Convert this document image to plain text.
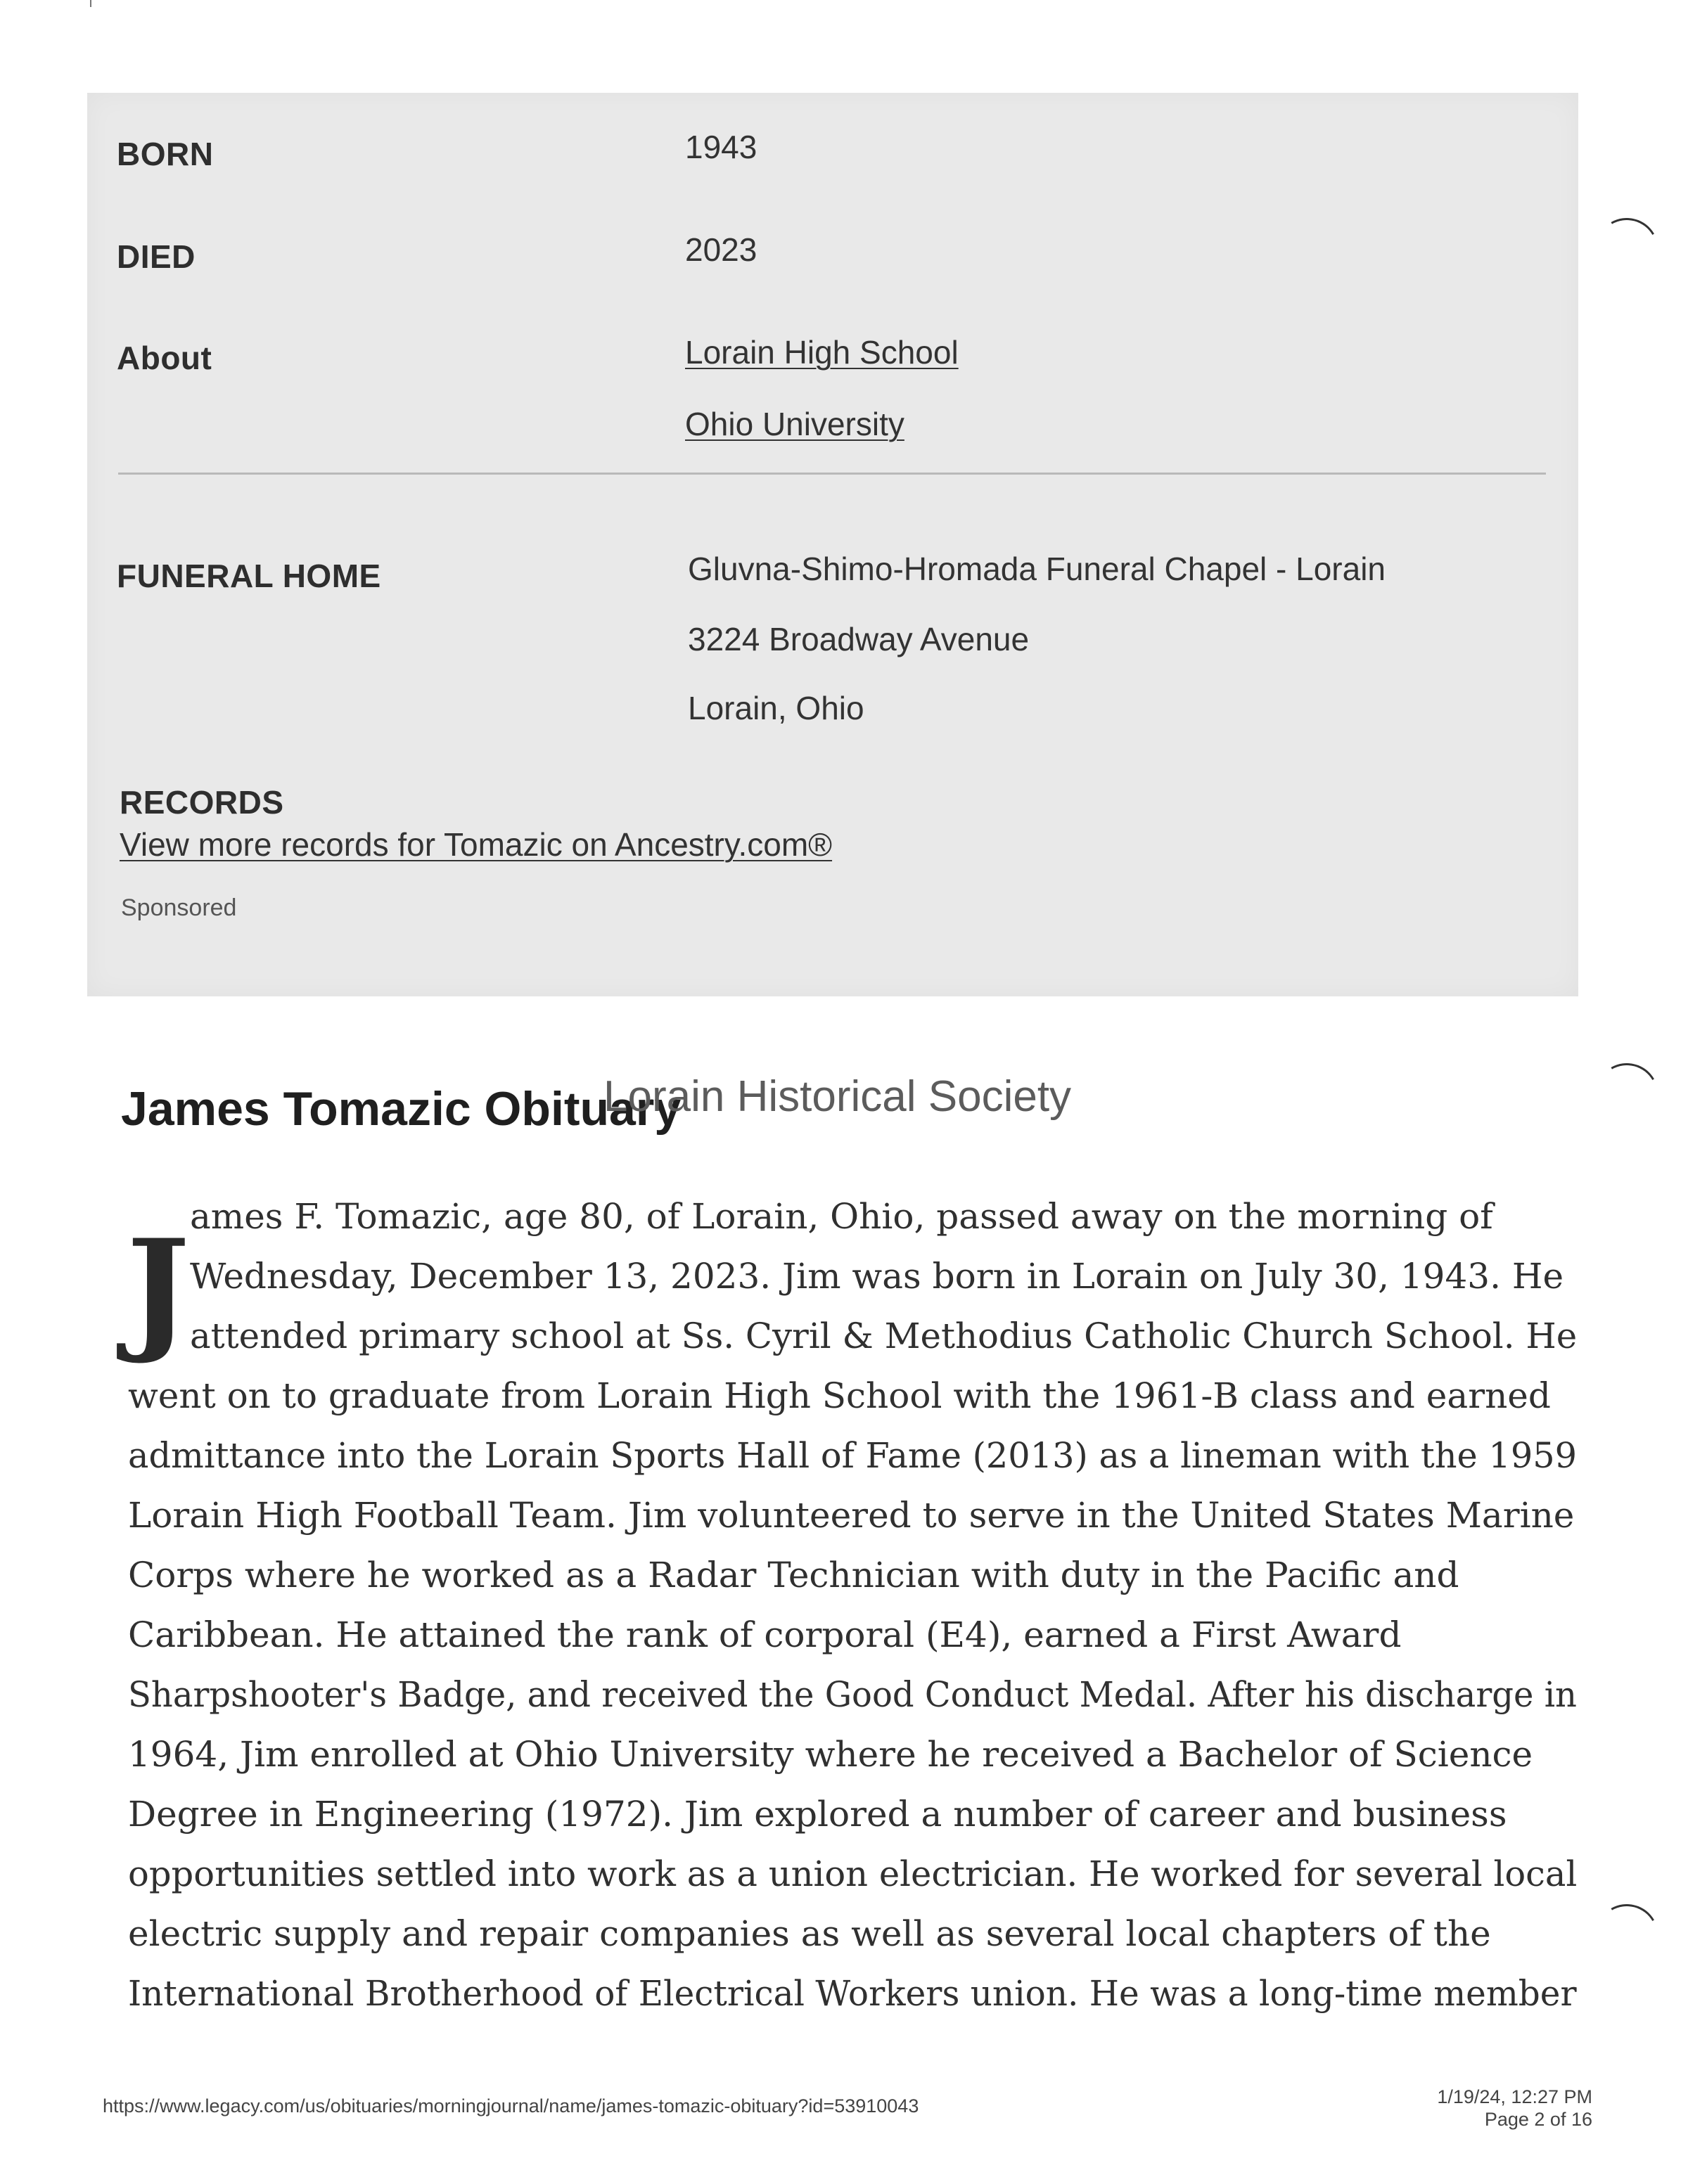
BORN	1943
DIED	2023
About	Lorain High School
Ohio University
FUNERAL HOME	Gluvna-Shimo-Hromada Funeral Chapel - Lorain
3224 Broadway Avenue
Lorain, Ohio
RECORDS
View more records for Tomazic on Ancestry.com®
Sponsored
James Tomazic Obituary
Lorain Historical Society
J ames F. Tomazic, age 80, of Lorain, Ohio, passed away on the morning of
Wednesday, December 13, 2023. Jim was born in Lorain on July 30, 1943. He
attended primary school at Ss. Cyril & Methodius Catholic Church School. He
went on to graduate from Lorain High School with the 1961-B class and earned
admittance into the Lorain Sports Hall of Fame (2013) as a lineman with the 1959
Lorain High Football Team. Jim volunteered to serve in the United States Marine
Corps where he worked as a Radar Technician with duty in the Pacific and
Caribbean. He attained the rank of corporal (E4), earned a First Award
Sharpshooter's Badge, and received the Good Conduct Medal. After his discharge in
1964, Jim enrolled at Ohio University where he received a Bachelor of Science
Degree in Engineering (1972). Jim explored a number of career and business
opportunities settled into work as a union electrician. He worked for several local
electric supply and repair companies as well as several local chapters of the
International Brotherhood of Electrical Workers union. He was a long-time member
https://www.legacy.com/us/obituaries/morningjournal/name/james-tomazic-obituary?id=53910043	1/19/24, 12:27 PM
Page 2 of 16
